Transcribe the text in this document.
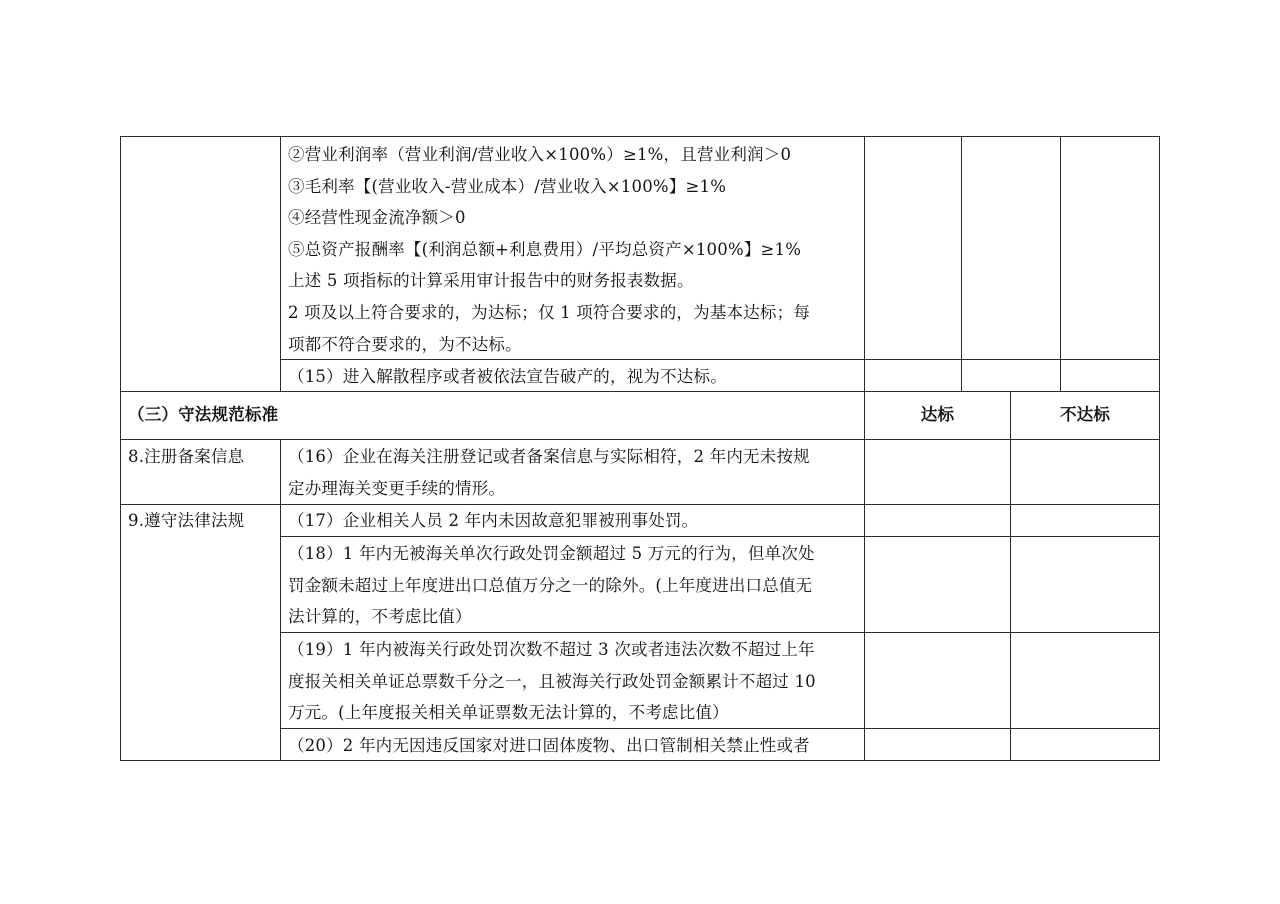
②营业利润率（营业利润/营业收入×100%）≥1%，且营业利润＞0
③毛利率【(营业收入-营业成本）/营业收入×100%】≥1%
④经营性现金流净额＞0
⑤总资产报酬率【(利润总额+利息费用）/平均总资产×100%】≥1%
上述 5 项指标的计算采用审计报告中的财务报表数据。
2 项及以上符合要求的，为达标；仅 1 项符合要求的，为基本达标；每
项都不符合要求的，为不达标。
（15）进入解散程序或者被依法宣告破产的，视为不达标。
（三）守法规范标准	达标	不达标
8.注册备案信息	（16）企业在海关注册登记或者备案信息与实际相符，2 年内无未按规
定办理海关变更手续的情形。
9.遵守法律法规	（17）企业相关人员 2 年内未因故意犯罪被刑事处罚。
（18）1 年内无被海关单次行政处罚金额超过 5 万元的行为，但单次处
罚金额未超过上年度进出口总值万分之一的除外。(上年度进出口总值无
法计算的，不考虑比值）
（19）1 年内被海关行政处罚次数不超过 3 次或者违法次数不超过上年
度报关相关单证总票数千分之一，且被海关行政处罚金额累计不超过 10
万元。(上年度报关相关单证票数无法计算的，不考虑比值）
（20）2 年内无因违反国家对进口固体废物、出口管制相关禁止性或者
